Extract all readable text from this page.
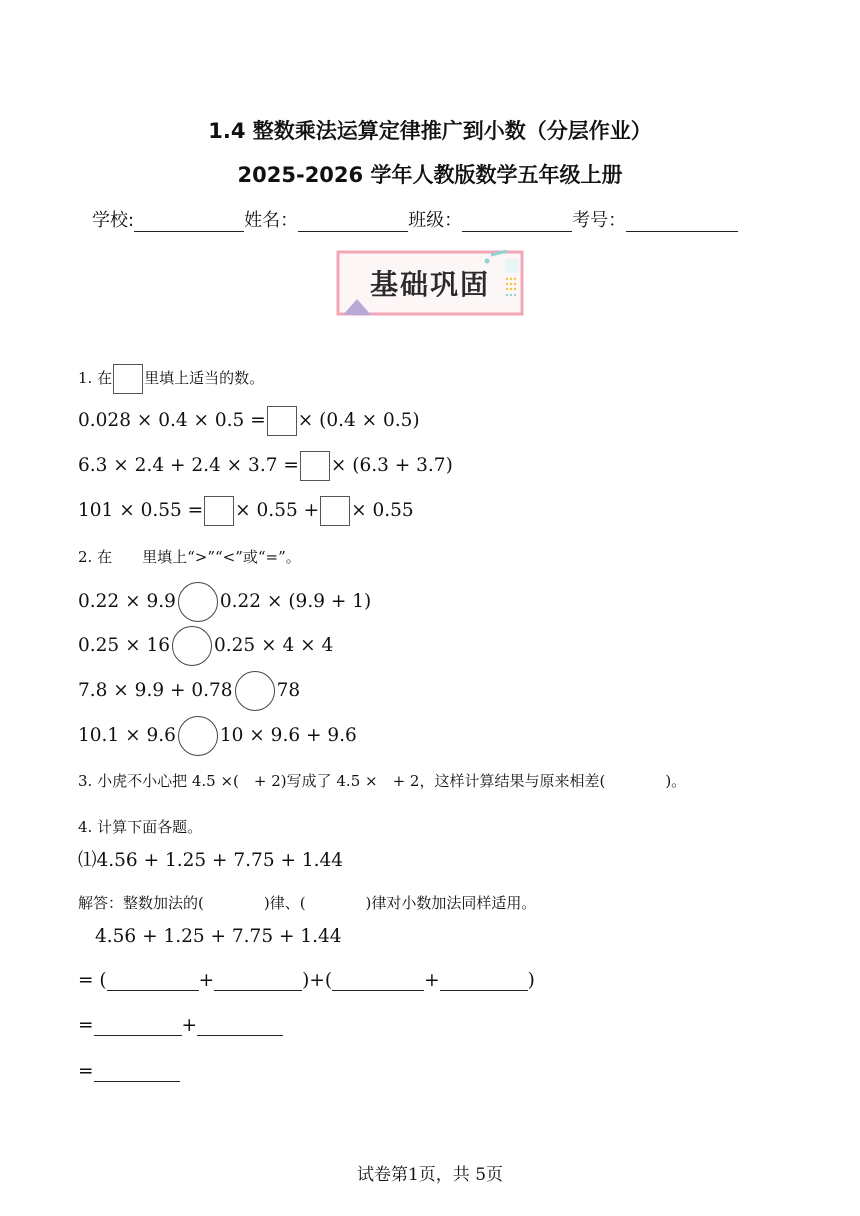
1.4 整数乘法运算定律推广到小数（分层作业）
2025-2026 学年人教版数学五年级上册
学校:	姓名：	班级：	考号：
基础巩固
1. 在 里填上适当的数。
0.028 × 0.4 × 0.5 = × (0.4 × 0.5)
6.3 × 2.4 + 2.4 × 3.7 = × (6.3 + 3.7)
101 × 0.55 = × 0.55 + × 0.55
2. 在　　里填上“>”“<”或“=”。
0.22 × 9.9 0.22 × (9.9 + 1)
0.25 × 16 0.25 × 4 × 4
7.8 × 9.9 + 0.78 78
10.1 × 9.6 10 × 9.6 + 9.6
3. 小虎不小心把 4.5 ×(　+ 2)写成了 4.5 ×　+ 2，这样计算结果与原来相差(　　　　)。
4. 计算下面各题。
⑴4.56 + 1.25 + 7.75 + 1.44
解答：整数加法的(　　　　)律、(　　　　)律对小数加法同样适用。
4.56 + 1.25 + 7.75 + 1.44
= (	+	)+(	+	)
=	+
=
试卷第1页，共 5页
